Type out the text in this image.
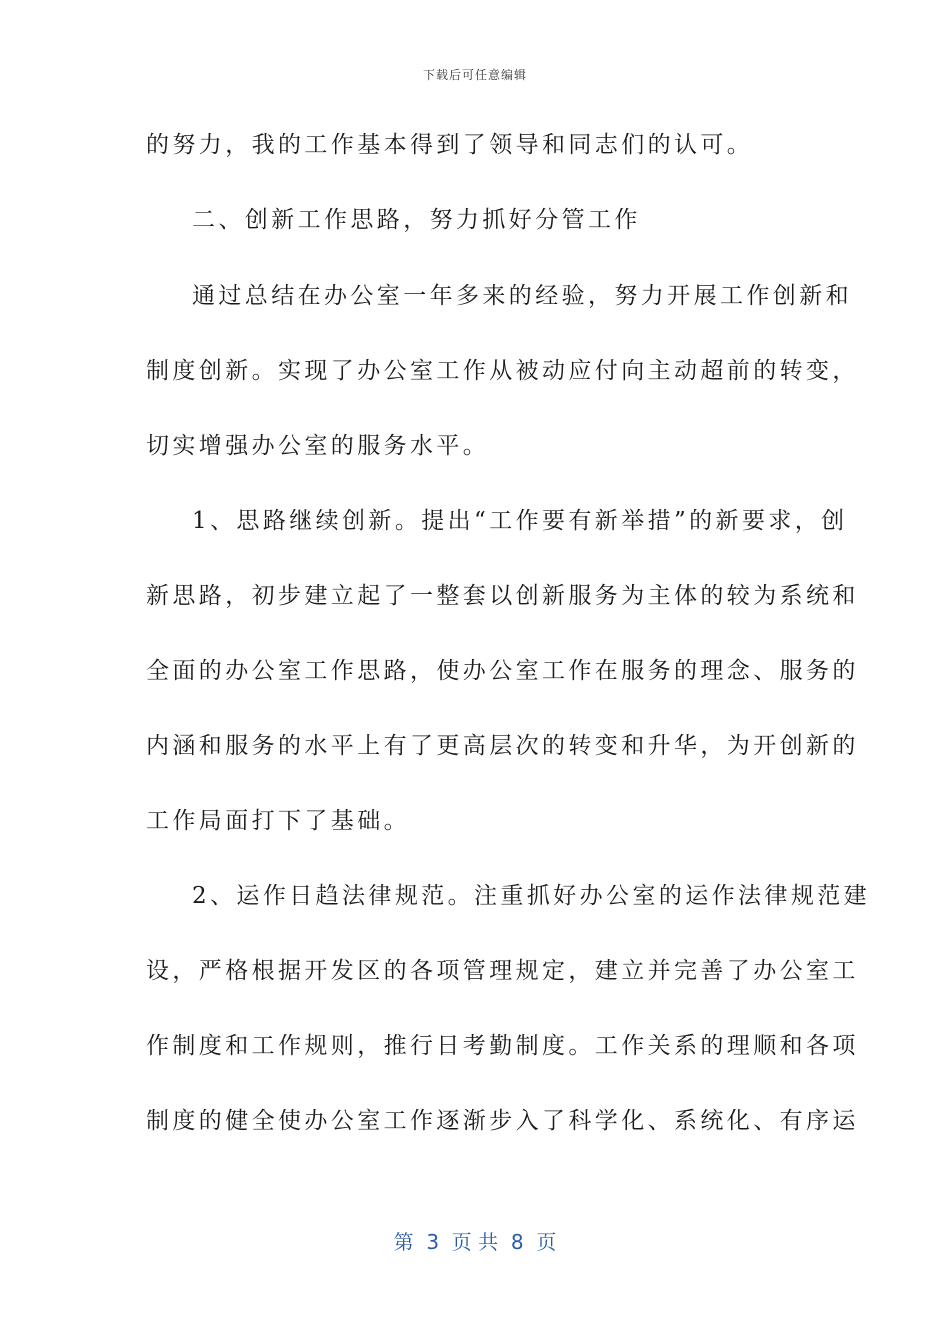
下载后可任意编辑
的努力，我的工作基本得到了领导和同志们的认可。
二、创新工作思路，努力抓好分管工作
通过总结在办公室一年多来的经验，努力开展工作创新和
制度创新。实现了办公室工作从被动应付向主动超前的转变，
切实增强办公室的服务水平。
1、思路继续创新。提出“工作要有新举措”的新要求，创
新思路，初步建立起了一整套以创新服务为主体的较为系统和
全面的办公室工作思路，使办公室工作在服务的理念、服务的
内涵和服务的水平上有了更高层次的转变和升华，为开创新的
工作局面打下了基础。
2、运作日趋法律规范。注重抓好办公室的运作法律规范建
设，严格根据开发区的各项管理规定，建立并完善了办公室工
作制度和工作规则，推行日考勤制度。工作关系的理顺和各项
制度的健全使办公室工作逐渐步入了科学化、系统化、有序运
第  3  页 共  8  页
